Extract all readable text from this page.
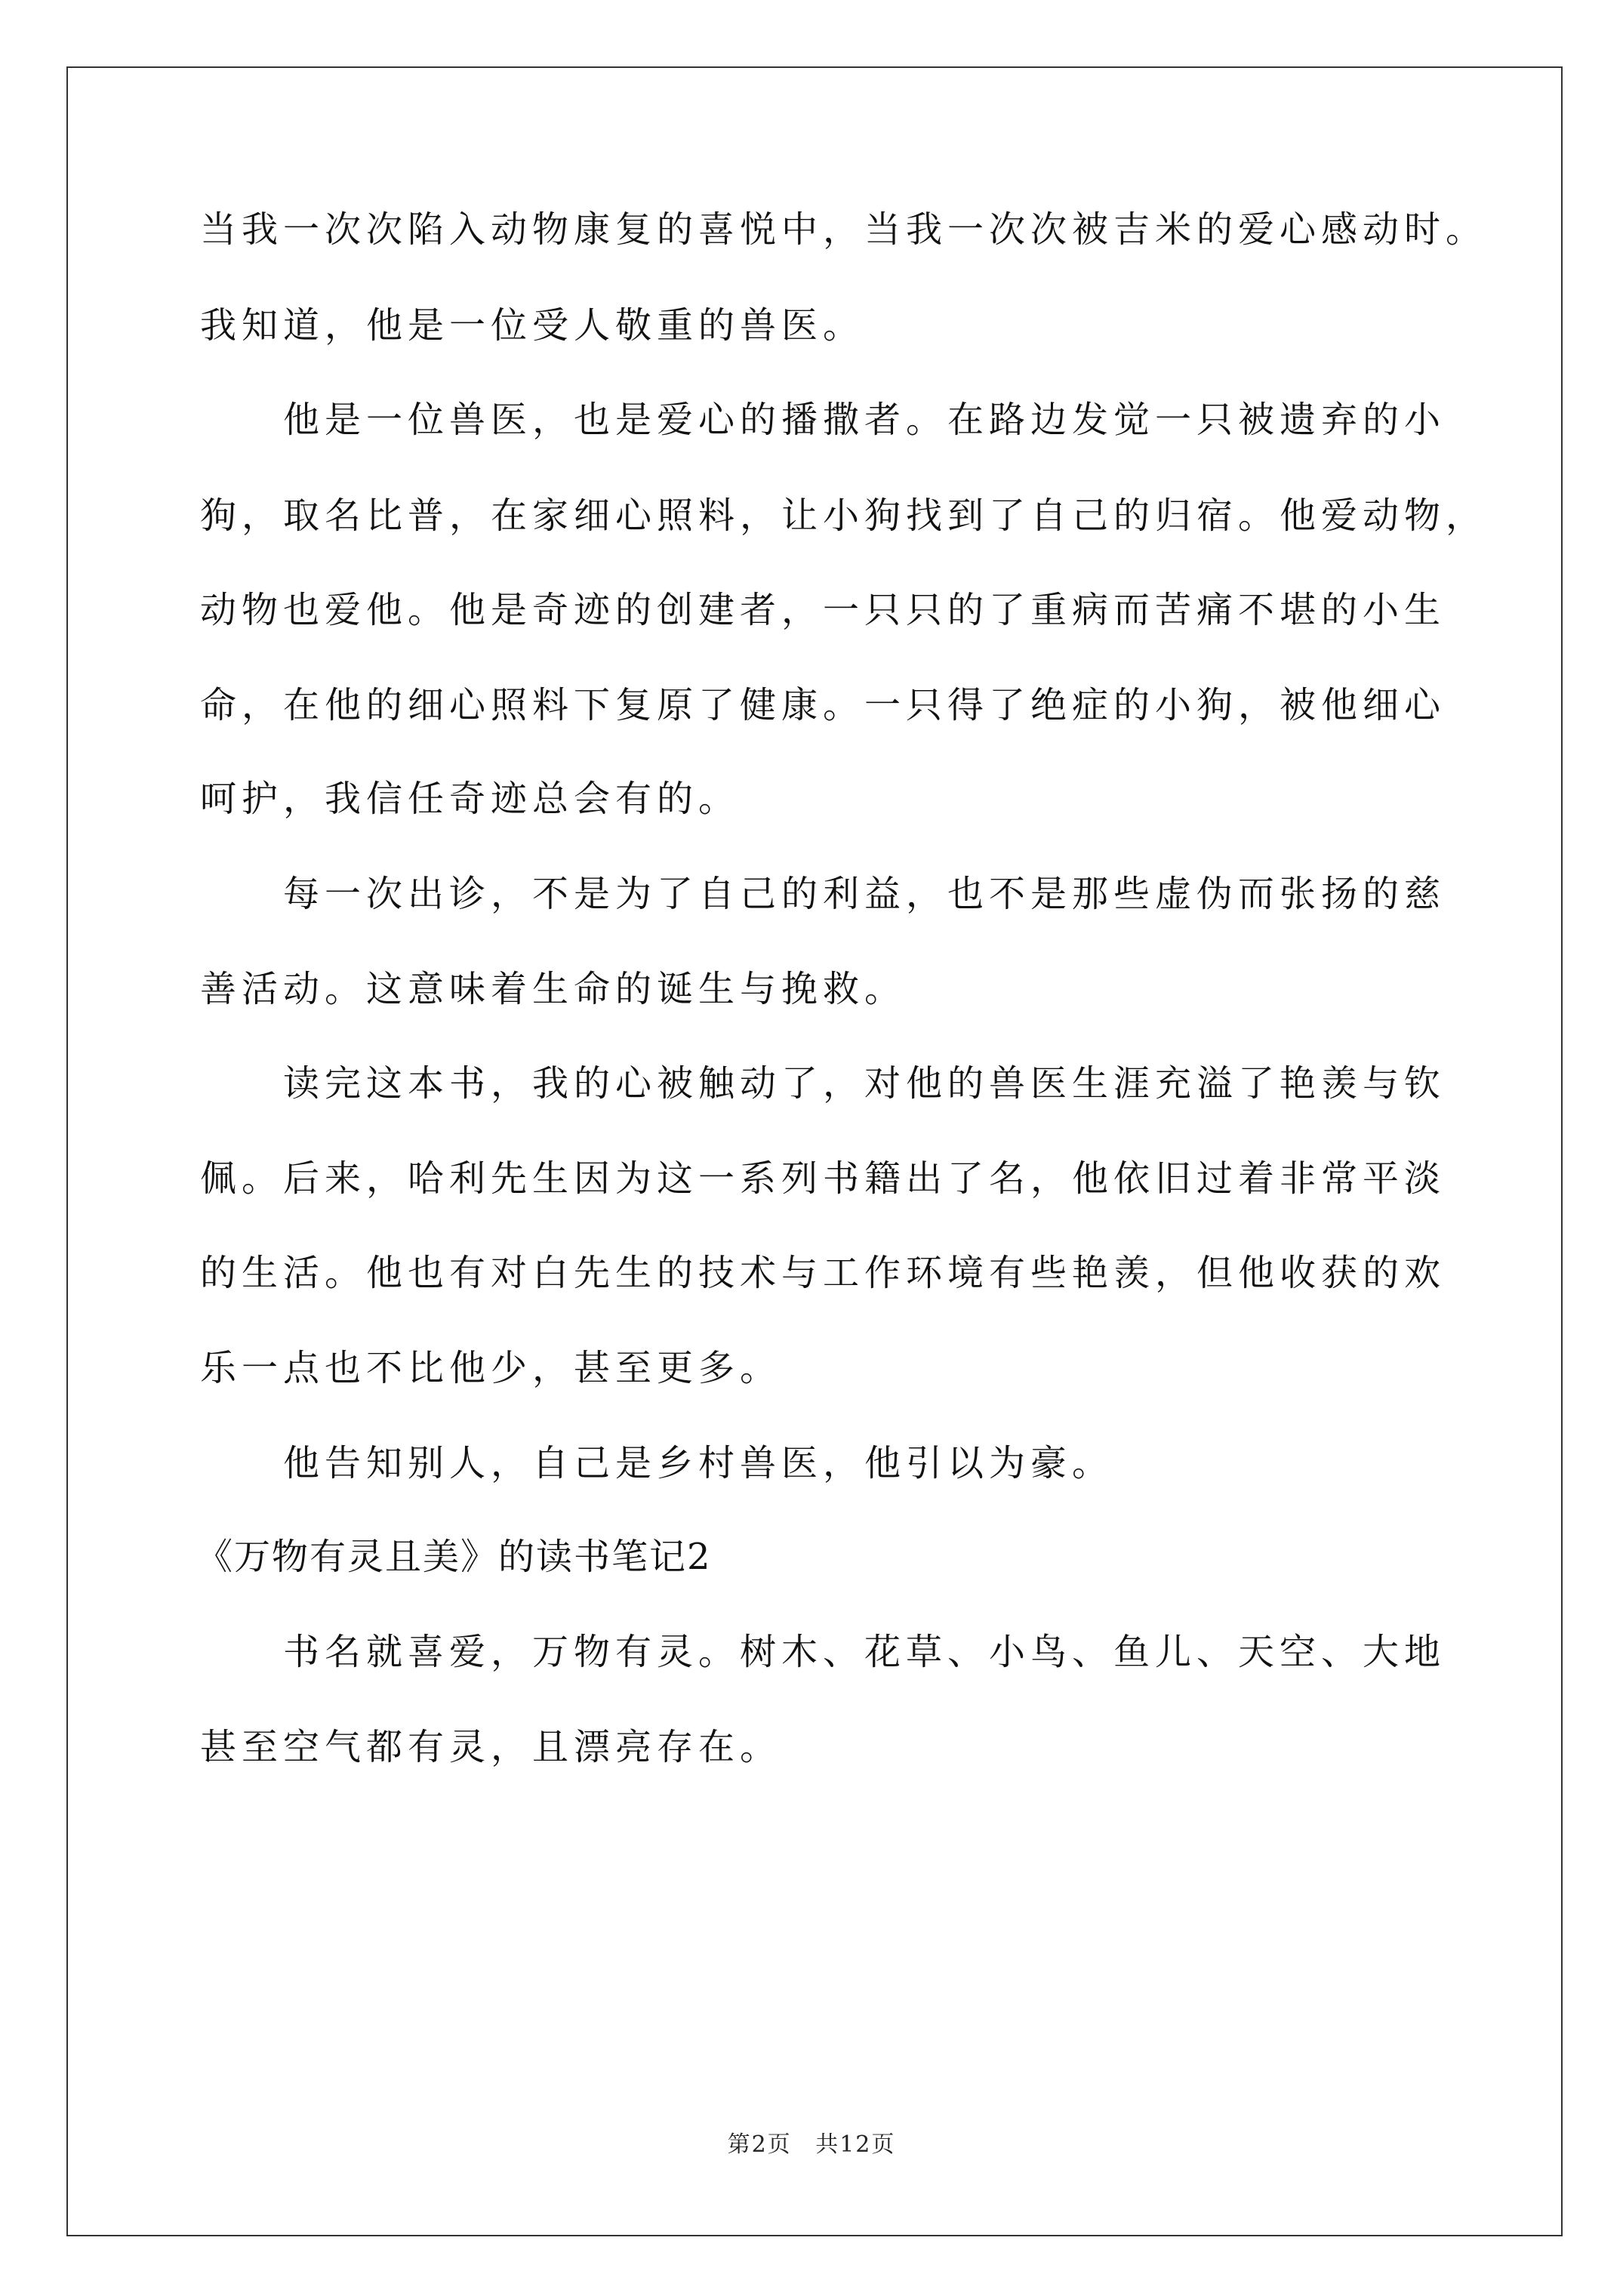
当我一次次陷入动物康复的喜悦中，当我一次次被吉米的爱心感动时。

我知道，他是一位受人敬重的兽医。

他是一位兽医，也是爱心的播撒者。在路边发觉一只被遗弃的小

狗，取名比普，在家细心照料，让小狗找到了自己的归宿。他爱动物，

动物也爱他。他是奇迹的创建者，一只只的了重病而苦痛不堪的小生

命，在他的细心照料下复原了健康。一只得了绝症的小狗，被他细心

呵护，我信任奇迹总会有的。

每一次出诊，不是为了自己的利益，也不是那些虚伪而张扬的慈

善活动。这意味着生命的诞生与挽救。

读完这本书，我的心被触动了，对他的兽医生涯充溢了艳羡与钦

佩。后来，哈利先生因为这一系列书籍出了名，他依旧过着非常平淡

的生活。他也有对白先生的技术与工作环境有些艳羡，但他收获的欢

乐一点也不比他少，甚至更多。

他告知别人，自己是乡村兽医，他引以为豪。

《万物有灵且美》的读书笔记2

书名就喜爱，万物有灵。树木、花草、小鸟、鱼儿、天空、大地

甚至空气都有灵，且漂亮存在。

第2页 共12页
